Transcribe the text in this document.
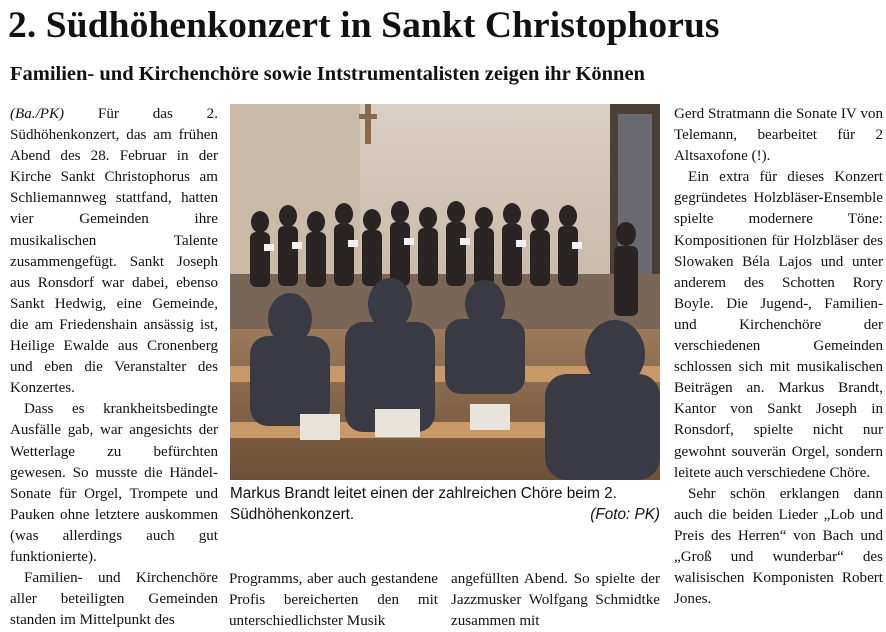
2. Südhöhenkonzert in Sankt Christophorus
Familien- und Kirchenchöre sowie Intstrumentalisten zeigen ihr Können

(Ba./PK) Für das 2. Südhöhenkonzert, das am frühen Abend des 28. Februar in der Kirche Sankt Christophorus am Schliemannweg stattfand, hatten vier Gemeinden ihre musikalischen Talente zusammengefügt. Sankt Joseph aus Ronsdorf war dabei, ebenso Sankt Hedwig, eine Gemeinde, die am Friedenshain ansässig ist, Heilige Ewalde aus Cronenberg und eben die Veranstalter des Konzertes.

Dass es krankheitsbedingte Ausfälle gab, war angesichts der Wetterlage zu befürchten gewesen. So musste die Händel-Sonate für Orgel, Trompete und Pauken ohne letztere auskommen (was allerdings auch gut funktionierte).

Familien- und Kirchenchöre aller beteiligten Gemeinden standen im Mittelpunkt des

Markus Brandt leitet einen der zahlreichen Chöre beim 2.
Südhöhenkonzert.	(Foto: PK)

Programms, aber auch gestandene Profis bereicherten den mit unterschiedlichster Musik

angefüllten Abend. So spielte der Jazzmusker Wolfgang Schmidtke zusammen mit

Gerd Stratmann die Sonate IV von Telemann, bearbeitet für 2 Altsaxofone (!).

Ein extra für dieses Konzert gegründetes Holzbläser-Ensemble spielte modernere Töne: Kompositionen für Holzbläser des Slowaken Béla Lajos und unter anderem des Schotten Rory Boyle. Die Jugend-, Familien- und Kirchenchöre der verschiedenen Gemeinden schlossen sich mit musikalischen Beiträgen an. Markus Brandt, Kantor von Sankt Joseph in Ronsdorf, spielte nicht nur gewohnt souverän Orgel, sondern leitete auch verschiedene Chöre.

Sehr schön erklangen dann auch die beiden Lieder „Lob und Preis des Herren“ von Bach und „Groß und wunderbar“ des walisischen Komponisten Robert Jones.
